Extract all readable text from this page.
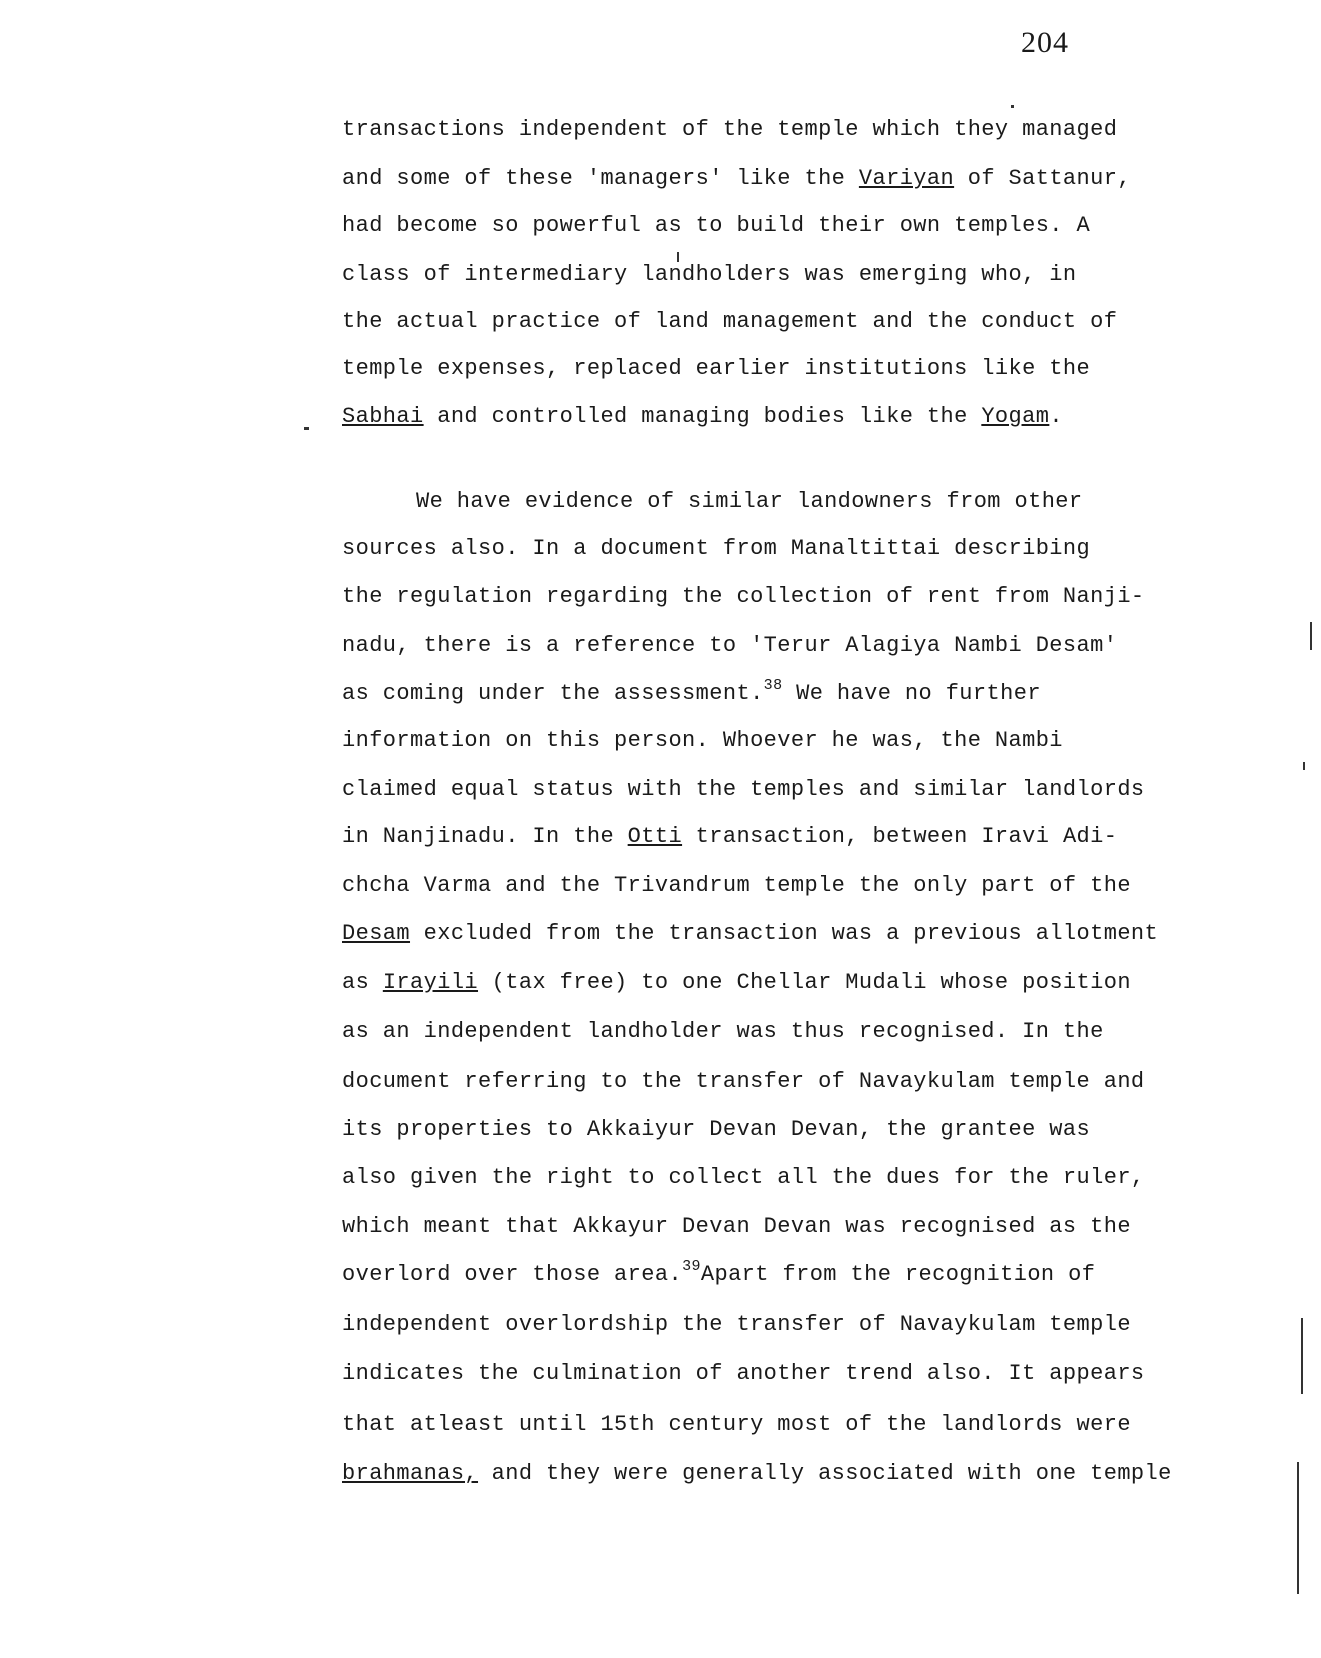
204
transactions independent of the temple which they managed
and some of these 'managers' like the Variyan of Sattanur,
had become so powerful as to build their own temples. A
class of intermediary landholders was emerging who, in
the actual practice of land management and the conduct of
temple expenses, replaced earlier institutions like the
Sabhai and controlled managing bodies like the Yogam.
We have evidence of similar landowners from other
sources also. In a document from Manaltittai describing
the regulation regarding the collection of rent from Nanji-
nadu, there is a reference to 'Terur Alagiya Nambi Desam'
as coming under the assessment.$^{38}$ We have no further
information on this person. Whoever he was, the Nambi
claimed equal status with the temples and similar landlords
in Nanjinadu. In the Otti transaction, between Iravi Adi-
chcha Varma and the Trivandrum temple the only part of the
Desam excluded from the transaction was a previous allotment
as Irayili (tax free) to one Chellar Mudali whose position
as an independent landholder was thus recognised. In the
document referring to the transfer of Navaykulam temple and
its properties to Akkaiyur Devan Devan, the grantee was
also given the right to collect all the dues for the ruler,
which meant that Akkayur Devan Devan was recognised as the
overlord over those area.$^{39}$Apart from the recognition of
independent overlordship the transfer of Navaykulam temple
indicates the culmination of another trend also. It appears
that atleast until 15th century most of the landlords were
brahmanas, and they were generally associated with one temple
